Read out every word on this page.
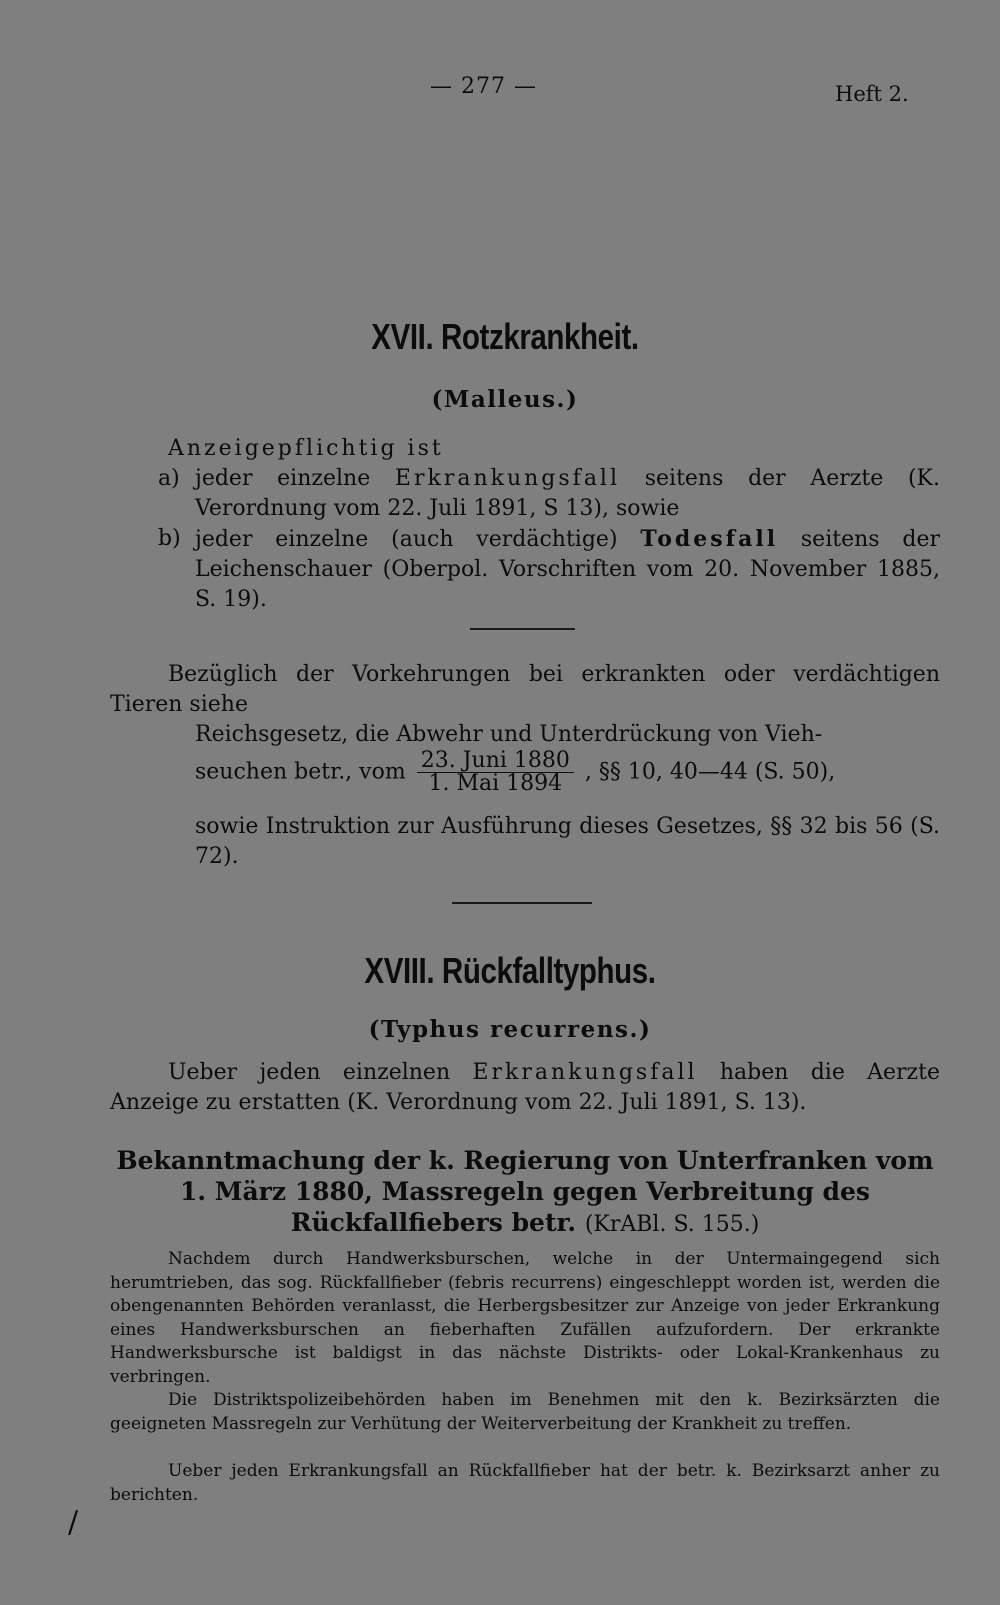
— 277 —	Heft 2.
XVII. Rotzkrankheit.
(Malleus.)
Anzeigepflichtig ist
a) jeder einzelne Erkrankungsfall seitens der Aerzte (K. Verordnung vom 22. Juli 1891, S 13), sowie
b) jeder einzelne (auch verdächtige) Todesfall seitens der Leichenschauer (Oberpol. Vorschriften vom 20. November 1885, S. 19).
Bezüglich der Vorkehrungen bei erkrankten oder verdächtigen Tieren siehe
Reichsgesetz, die Abwehr und Unterdrückung von Vieh-
seuchen betr., vom $\frac{\text{23. Juni 1880}}{\text{1. Mai 1894}}$ , §§ 10, 40—44 (S. 50),
sowie Instruktion zur Ausführung dieses Gesetzes, §§ 32 bis 56 (S. 72).
XVIII. Rückfalltyphus.
(Typhus recurrens.)
Ueber jeden einzelnen Erkrankungsfall haben die Aerzte Anzeige zu erstatten (K. Verordnung vom 22. Juli 1891, S. 13).
Bekanntmachung der k. Regierung von Unterfranken vom 1. März 1880, Massregeln gegen Verbreitung des Rückfallfiebers betr. (KrABl. S. 155.)
Nachdem durch Handwerksburschen, welche in der Untermaingegend sich herumtrieben, das sog. Rückfallfieber (febris recurrens) eingeschleppt worden ist, werden die obengenannten Behörden veranlasst, die Herbergsbesitzer zur Anzeige von jeder Erkrankung eines Handwerksburschen an fieberhaften Zufällen aufzufordern. Der erkrankte Handwerksbursche ist baldigst in das nächste Distrikts- oder Lokal-Krankenhaus zu verbringen.
Die Distriktspolizeibehörden haben im Benehmen mit den k. Bezirksärzten die geeigneten Massregeln zur Verhütung der Weiterverbeitung der Krankheit zu treffen.
Ueber jeden Erkrankungsfall an Rückfallfieber hat der betr. k. Bezirksarzt anher zu berichten.
/
